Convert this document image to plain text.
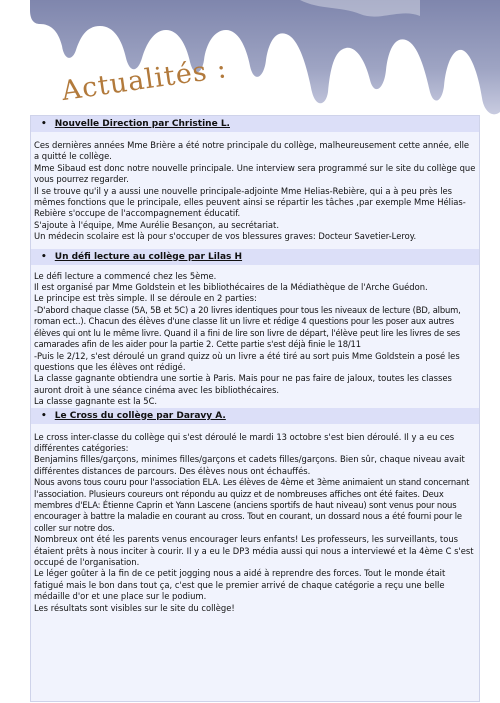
Actualités :
• Nouvelle Direction par Christine L.

Ces dernières années Mme Brière a été notre principale du collège, malheureusement cette année, elle a quitté le collège.

Mme Sibaud est donc notre nouvelle principale. Une interview sera programmé sur le site du collège que vous pourrez regarder.

Il se trouve qu'il y a aussi une nouvelle principale-adjointe Mme Helias-Rebière, qui a à peu près les mêmes fonctions que le principale, elles peuvent ainsi se répartir les tâches ,par exemple Mme Hélias-Rebière s'occupe de l'accompagnement éducatif.

S'ajoute à l'équipe, Mme Aurélie Besançon, au secrétariat.

Un médecin scolaire est là pour s'occuper de vos blessures graves: Docteur Savetier-Leroy.

• Un défi lecture au collège par Lilas H

Le défi lecture a commencé chez les 5ème.

Il est organisé par Mme Goldstein et les bibliothécaires de la Médiathèque de l'Arche Guédon.

Le principe est très simple. Il se déroule en 2 parties:

-D'abord chaque classe (5A, 5B et 5C) a 20 livres identiques pour tous les niveaux de lecture (BD, album, roman ect..). Chacun des élèves d'une classe lit un livre et rédige 4 questions pour les poser aux autres élèves qui ont lu le même livre. Quand il a fini de lire son livre de départ, l'élève peut lire les livres de ses camarades afin de les aider pour la partie 2. Cette partie s'est déjà finie le 18/11

-Puis le 2/12, s'est déroulé un grand quizz où un livre a été tiré au sort puis Mme Goldstein a posé les questions que les élèves ont rédigé.

La classe gagnante obtiendra une sortie à Paris. Mais pour ne pas faire de jaloux, toutes les classes auront droit à une séance cinéma avec les bibliothécaires.

La classe gagnante est la 5C.

• Le Cross du collège par Daravy A.

Le cross inter-classe du collège qui s'est déroulé le mardi 13 octobre s'est bien déroulé. Il y a eu ces différentes catégories:

Benjamins filles/garçons, minimes filles/garçons et cadets filles/garçons. Bien sûr, chaque niveau avait différentes distances de parcours. Des élèves nous ont échauffés.

Nous avons tous couru pour l'association ELA. Les élèves de 4ème et 3ème animaient un stand concernant l'association. Plusieurs coureurs ont répondu au quizz et de nombreuses affiches ont été faites. Deux membres d'ELA: Étienne Caprin et Yann Lascene (anciens sportifs de haut niveau) sont venus pour nous encourager à battre la maladie en courant au cross. Tout en courant, un dossard nous a été fourni pour le coller sur notre dos.

Nombreux ont été les parents venus encourager leurs enfants! Les professeurs, les surveillants, tous étaient prêts à nous inciter à courir. Il y a eu le DP3 média aussi qui nous a interviewé et la 4ème C s'est occupé de l'organisation.

Le léger goûter à la fin de ce petit jogging nous a aidé à reprendre des forces. Tout le monde était fatigué mais le bon dans tout ça, c'est que le premier arrivé de chaque catégorie a reçu une belle médaille d'or et une place sur le podium.

Les résultats sont visibles sur le site du collège!
